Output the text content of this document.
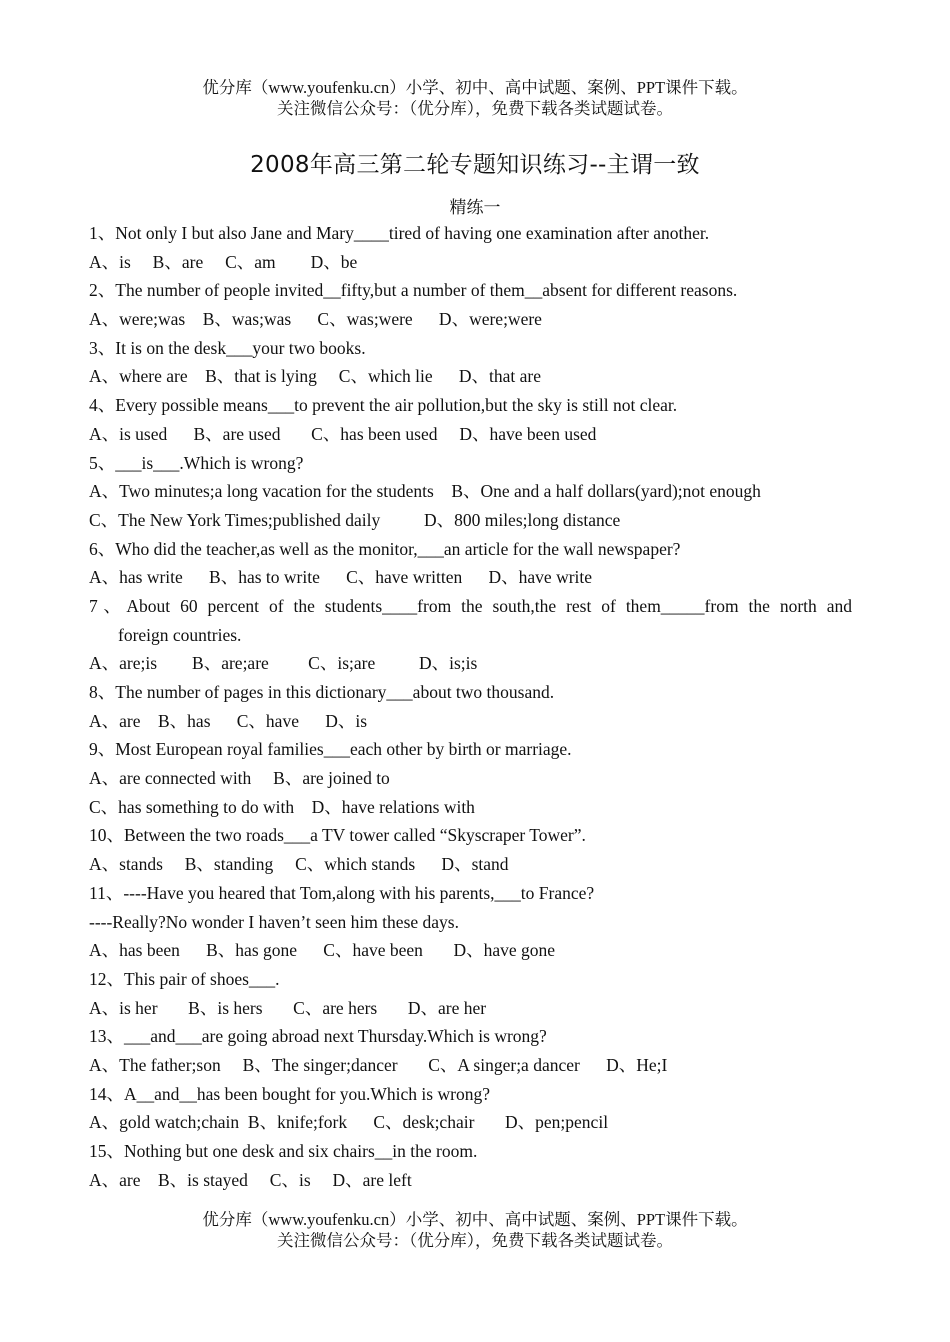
优分库（www.youfenku.cn）小学、初中、高中试题、案例、PPT课件下载。
关注微信公众号：（优分库），免费下载各类试题试卷。
2008年高三第二轮专题知识练习--主谓一致
精练一
1、Not only I but also Jane and Mary____tired of having one examination after another.
A、is     B、are     C、am        D、be
2、The number of people invited__fifty,but a number of them__absent for different reasons.
A、were;was    B、was;was      C、was;were      D、were;were
3、It is on the desk___your two books.
A、where are    B、that is lying     C、which lie      D、that are
4、Every possible means___to prevent the air pollution,but the sky is still not clear.
A、is used      B、are used       C、has been used     D、have been used
5、___is___.Which is wrong?
A、Two minutes;a long vacation for the students    B、One and a half dollars(yard);not enough
C、The New York Times;published daily          D、800 miles;long distance
6、Who did the teacher,as well as the monitor,___an article for the wall newspaper?
A、has write      B、has to write      C、have written      D、have write
7、About 60 percent of the students____from the south,the rest of them_____from the north and
foreign countries.
A、are;is        B、are;are         C、is;are          D、is;is
8、The number of pages in this dictionary___about two thousand.
A、are    B、has      C、have      D、is
9、Most European royal families___each other by birth or marriage.
A、are connected with     B、are joined to
C、has something to do with    D、have relations with
10、Between the two roads___a TV tower called “Skyscraper Tower”.
A、stands     B、standing     C、which stands      D、stand
11、----Have you heared that Tom,along with his parents,___to France?
----Really?No wonder I haven’t seen him these days.
A、has been      B、has gone      C、have been       D、have gone
12、This pair of shoes___.
A、is her       B、is hers       C、are hers       D、are her
13、___and___are going abroad next Thursday.Which is wrong?
A、The father;son     B、The singer;dancer       C、A singer;a dancer      D、He;I
14、A__and__has been bought for you.Which is wrong?
A、gold watch;chain  B、knife;fork      C、desk;chair       D、pen;pencil
15、Nothing but one desk and six chairs__in the room.
A、are    B、is stayed     C、is     D、are left
优分库（www.youfenku.cn）小学、初中、高中试题、案例、PPT课件下载。
关注微信公众号：（优分库），免费下载各类试题试卷。
